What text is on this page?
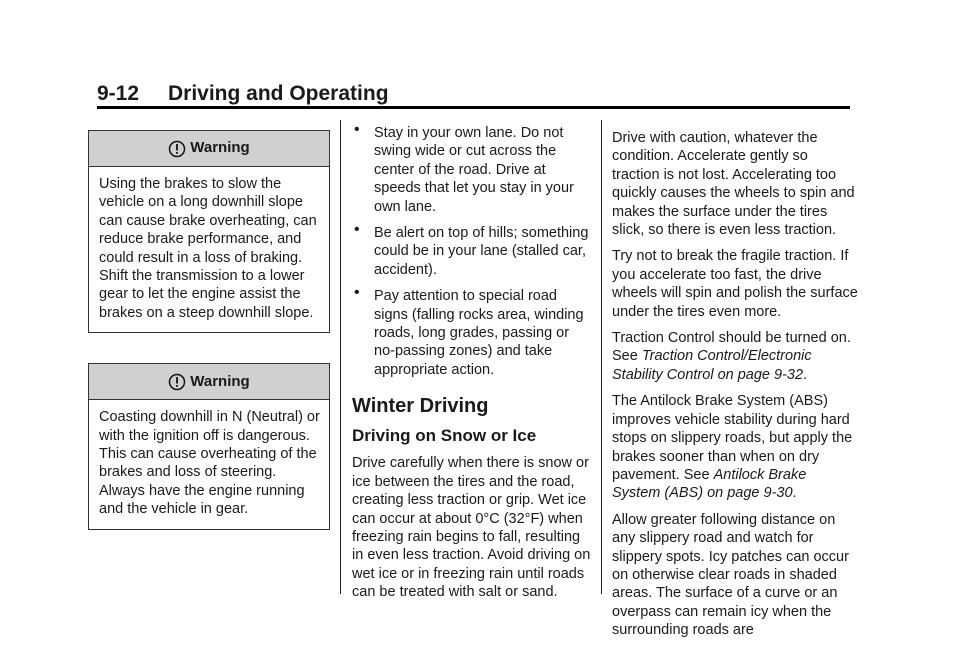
9-12 Driving and Operating
Warning
Using the brakes to slow the vehicle on a long downhill slope can cause brake overheating, can reduce brake performance, and could result in a loss of braking. Shift the transmission to a lower gear to let the engine assist the brakes on a steep downhill slope.
Warning
Coasting downhill in N (Neutral) or with the ignition off is dangerous. This can cause overheating of the brakes and loss of steering. Always have the engine running and the vehicle in gear.
• Stay in your own lane. Do not swing wide or cut across the center of the road. Drive at speeds that let you stay in your own lane.
• Be alert on top of hills; something could be in your lane (stalled car, accident).
• Pay attention to special road signs (falling rocks area, winding roads, long grades, passing or no-passing zones) and take appropriate action.
Winter Driving
Driving on Snow or Ice

Drive carefully when there is snow or ice between the tires and the road, creating less traction or grip. Wet ice can occur at about 0°C (32°F) when freezing rain begins to fall, resulting in even less traction. Avoid driving on wet ice or in freezing rain until roads can be treated with salt or sand.

Drive with caution, whatever the condition. Accelerate gently so traction is not lost. Accelerating too quickly causes the wheels to spin and makes the surface under the tires slick, so there is even less traction.

Try not to break the fragile traction. If you accelerate too fast, the drive wheels will spin and polish the surface under the tires even more.

Traction Control should be turned on. See Traction Control/Electronic Stability Control on page 9-32.

The Antilock Brake System (ABS) improves vehicle stability during hard stops on slippery roads, but apply the brakes sooner than when on dry pavement. See Antilock Brake System (ABS) on page 9-30.

Allow greater following distance on any slippery road and watch for slippery spots. Icy patches can occur on otherwise clear roads in shaded areas. The surface of a curve or an overpass can remain icy when the surrounding roads are
